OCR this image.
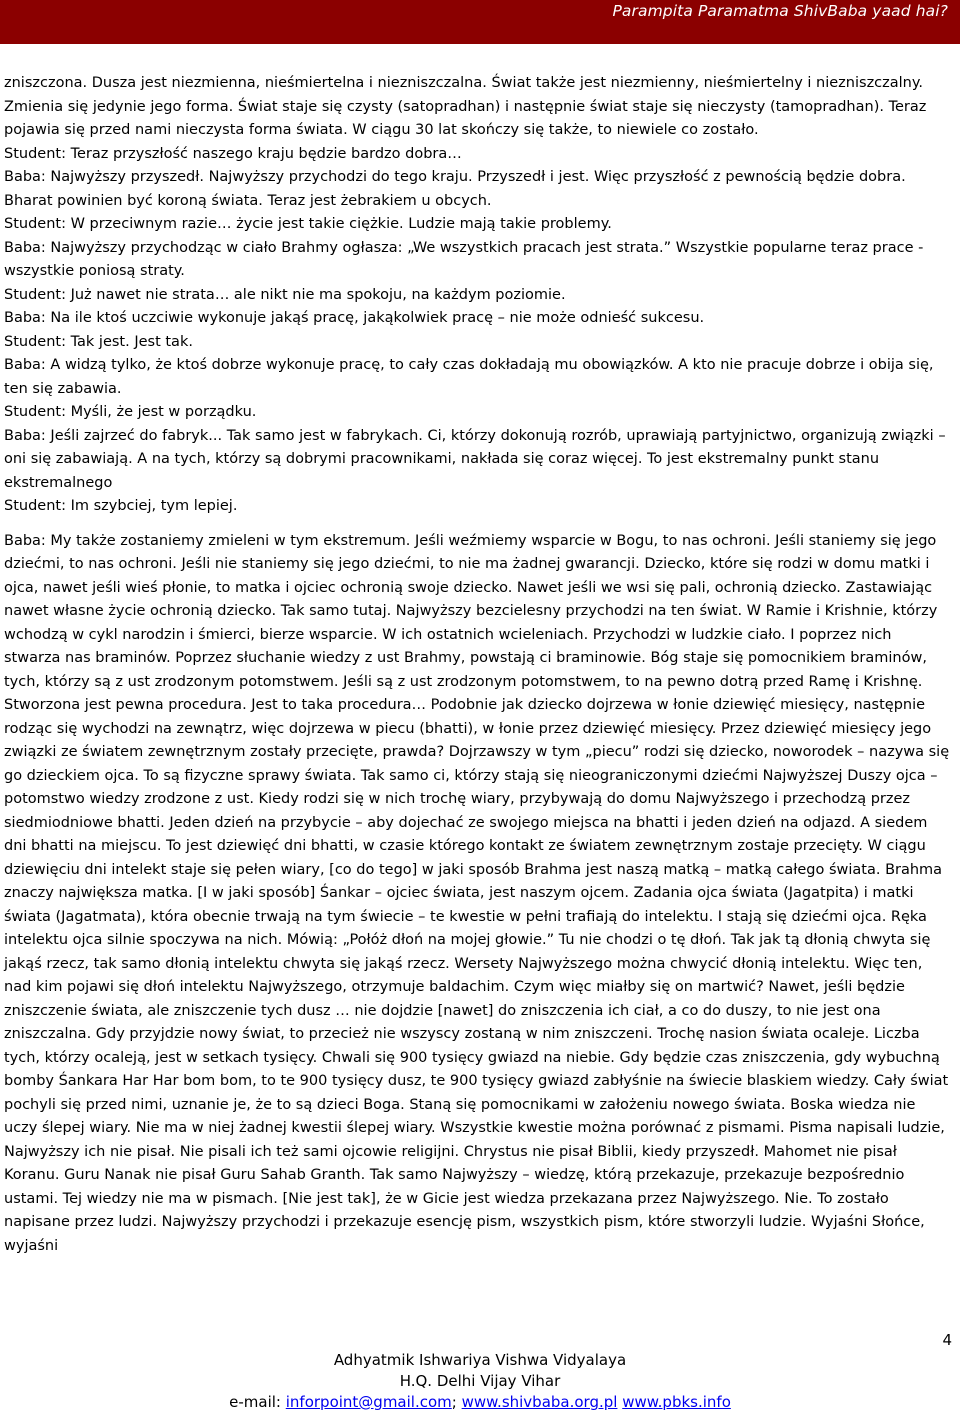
Parampita Paramatma ShivBaba yaad hai?

zniszczona. Dusza jest niezmienna, nieśmiertelna i niezniszczalna. Świat także jest niezmienny, nieśmiertelny i niezniszczalny. Zmienia się jedynie jego forma. Świat staje się czysty (satopradhan) i następnie świat staje się nieczysty (tamopradhan). Teraz pojawia się przed nami nieczysta forma świata. W ciągu 30 lat skończy się także, to niewiele co zostało.

Student: Teraz przyszłość naszego kraju będzie bardzo dobra…

Baba: Najwyższy przyszedł. Najwyższy przychodzi do tego kraju. Przyszedł i jest. Więc przyszłość z pewnością będzie dobra. Bharat powinien być koroną świata. Teraz jest żebrakiem u obcych.

Student: W przeciwnym razie… życie jest takie ciężkie. Ludzie mają takie problemy.

Baba: Najwyższy przychodząc w ciało Brahmy ogłasza: „We wszystkich pracach jest strata.” Wszystkie popularne teraz prace - wszystkie poniosą straty.

Student: Już nawet nie strata… ale nikt nie ma spokoju, na każdym poziomie.

Baba: Na ile ktoś uczciwie wykonuje jakąś pracę, jakąkolwiek pracę – nie może odnieść sukcesu.

Student: Tak jest. Jest tak.

Baba: A widzą tylko, że ktoś dobrze wykonuje pracę, to cały czas dokładają mu obowiązków. A kto nie pracuje dobrze i obija się, ten się zabawia.

Student: Myśli, że jest w porządku.

Baba: Jeśli zajrzeć do fabryk... Tak samo jest w fabrykach. Ci, którzy dokonują rozrób, uprawiają partyjnictwo, organizują związki – oni się zabawiają. A na tych, którzy są dobrymi pracownikami, nakłada się coraz więcej. To jest ekstremalny punkt stanu ekstremalnego

Student: Im szybciej, tym lepiej.

Baba: My także zostaniemy zmieleni w tym ekstremum. Jeśli weźmiemy wsparcie w Bogu, to nas ochroni. Jeśli staniemy się jego dziećmi, to nas ochroni. Jeśli nie staniemy się jego dziećmi, to nie ma żadnej gwarancji. Dziecko, które się rodzi w domu matki i ojca, nawet jeśli wieś płonie, to matka i ojciec ochronią swoje dziecko. Nawet jeśli we wsi się pali, ochronią dziecko. Zastawiając nawet własne życie ochronią dziecko. Tak samo tutaj. Najwyższy bezcielesny przychodzi na ten świat. W Ramie i Krishnie, którzy wchodzą w cykl narodzin i śmierci, bierze wsparcie. W ich ostatnich wcieleniach. Przychodzi w ludzkie ciało. I poprzez nich stwarza nas braminów. Poprzez słuchanie wiedzy z ust Brahmy, powstają ci braminowie. Bóg staje się pomocnikiem braminów, tych, którzy są z ust zrodzonym potomstwem. Jeśli są z ust zrodzonym potomstwem, to na pewno dotrą przed Ramę i Krishnę. Stworzona jest pewna procedura. Jest to taka procedura… Podobnie jak dziecko dojrzewa w łonie dziewięć miesięcy, następnie rodząc się wychodzi na zewnątrz, więc dojrzewa w piecu (bhatti), w łonie przez dziewięć miesięcy. Przez dziewięć miesięcy jego związki ze światem zewnętrznym zostały przecięte, prawda? Dojrzawszy w tym „piecu” rodzi się dziecko, noworodek – nazywa się go dzieckiem ojca. To są fizyczne sprawy świata. Tak samo ci, którzy stają się nieograniczonymi dziećmi Najwyższej Duszy ojca – potomstwo wiedzy zrodzone z ust. Kiedy rodzi się w nich trochę wiary, przybywają do domu Najwyższego i przechodzą przez siedmiodniowe bhatti. Jeden dzień na przybycie – aby dojechać ze swojego miejsca na bhatti i jeden dzień na odjazd. A siedem dni bhatti na miejscu. To jest dziewięć dni bhatti, w czasie którego kontakt ze światem zewnętrznym zostaje przecięty. W ciągu dziewięciu dni intelekt staje się pełen wiary, [co do tego] w jaki sposób Brahma jest naszą matką – matką całego świata. Brahma znaczy największa matka. [I w jaki sposób] Śankar – ojciec świata, jest naszym ojcem. Zadania ojca świata (Jagatpita) i matki świata (Jagatmata), która obecnie trwają na tym świecie – te kwestie w pełni trafiają do intelektu. I stają się dziećmi ojca. Ręka intelektu ojca silnie spoczywa na nich. Mówią: „Połóż dłoń na mojej głowie.” Tu nie chodzi o tę dłoń. Tak jak tą dłonią chwyta się jakąś rzecz, tak samo dłonią intelektu chwyta się jakąś rzecz. Wersety Najwyższego można chwycić dłonią intelektu. Więc ten, nad kim pojawi się dłoń intelektu Najwyższego, otrzymuje baldachim. Czym więc miałby się on martwić? Nawet, jeśli będzie zniszczenie świata, ale zniszczenie tych dusz … nie dojdzie [nawet] do zniszczenia ich ciał, a co do duszy, to nie jest ona zniszczalna. Gdy przyjdzie nowy świat, to przecież nie wszyscy zostaną w nim zniszczeni. Trochę nasion świata ocaleje. Liczba tych, którzy ocaleją, jest w setkach tysięcy. Chwali się 900 tysięcy gwiazd na niebie. Gdy będzie czas zniszczenia, gdy wybuchną bomby Śankara Har Har bom bom, to te 900 tysięcy dusz, te 900 tysięcy gwiazd zabłyśnie na świecie blaskiem wiedzy. Cały świat pochyli się przed nimi, uznanie je, że to są dzieci Boga. Staną się pomocnikami w założeniu nowego świata. Boska wiedza nie uczy ślepej wiary. Nie ma w niej żadnej kwestii ślepej wiary. Wszystkie kwestie można porównać z pismami. Pisma napisali ludzie, Najwyższy ich nie pisał. Nie pisali ich też sami ojcowie religijni. Chrystus nie pisał Biblii, kiedy przyszedł. Mahomet nie pisał Koranu. Guru Nanak nie pisał Guru Sahab Granth. Tak samo Najwyższy – wiedzę, którą przekazuje, przekazuje bezpośrednio ustami. Tej wiedzy nie ma w pismach. [Nie jest tak], że w Gicie jest wiedza przekazana przez Najwyższego. Nie. To zostało napisane przez ludzi. Najwyższy przychodzi i przekazuje esencję pism, wszystkich pism, które stworzyli ludzie. Wyjaśni Słońce, wyjaśni

4
Adhyatmik Ishwariya Vishwa Vidyalaya
H.Q. Delhi Vijay Vihar
e-mail: inforpoint@gmail.com; www.shivbaba.org.pl www.pbks.info
